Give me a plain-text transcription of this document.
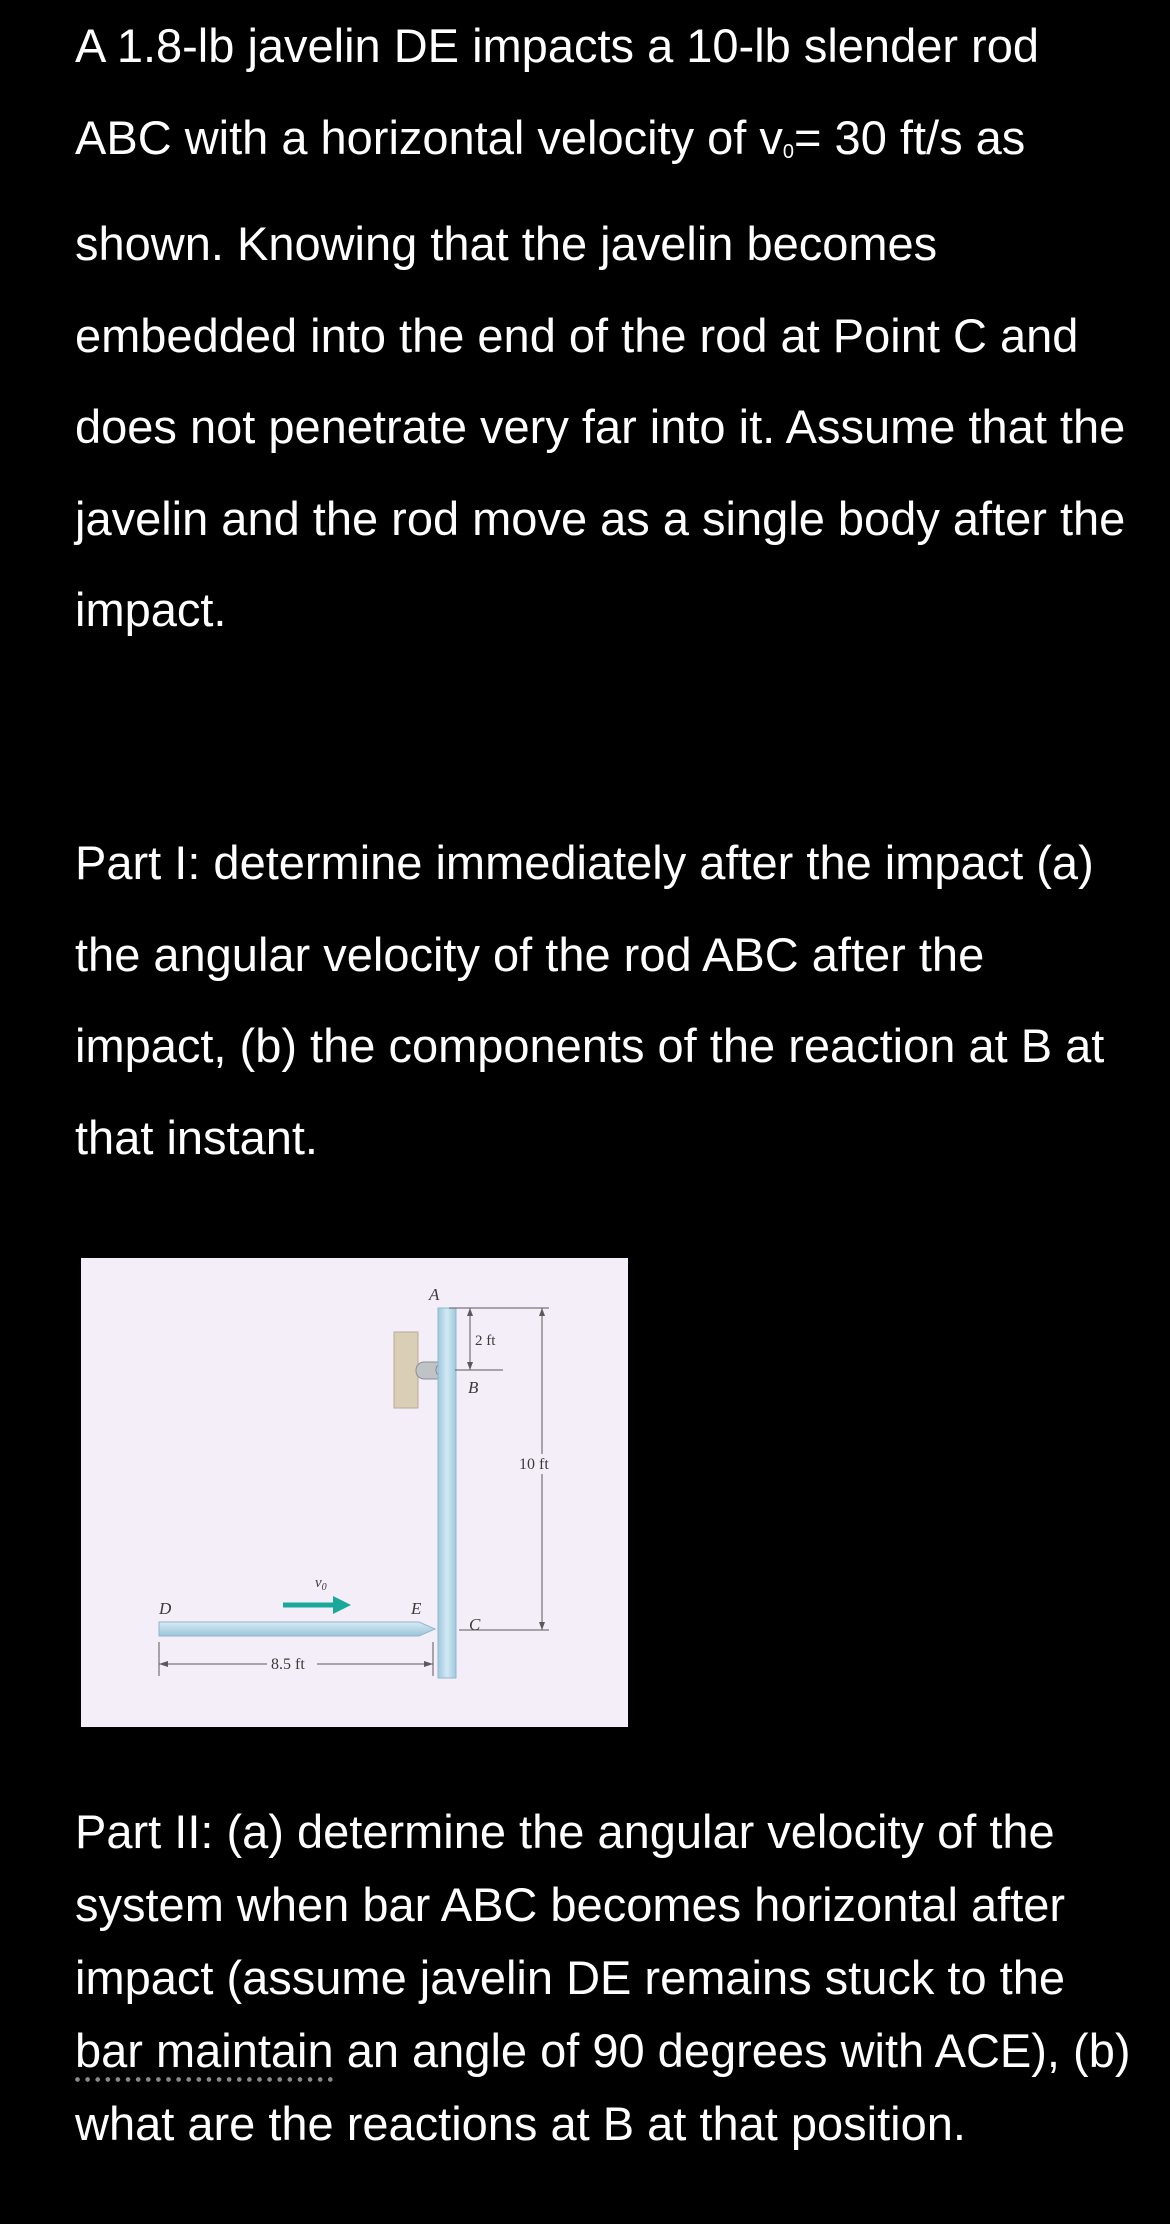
A 1.8-lb javelin DE impacts a 10-lb slender rod ABC with a horizontal velocity of v0= 30 ft/s as shown. Knowing that the javelin becomes embedded into the end of the rod at Point C and does not penetrate very far into it. Assume that the javelin and the rod move as a single body after the impact.

Part I: determine immediately after the impact (a) the angular velocity of the rod ABC after the impact, (b) the components of the reaction at B at that instant.

A
B
C
D	E
$v_0$
2 ft
10 ft
8.5 ft

Part II: (a) determine the angular velocity of the system when bar ABC becomes horizontal after impact (assume javelin DE remains stuck to the bar maintain an angle of 90 degrees with ACE), (b) what are the reactions at B at that position.
